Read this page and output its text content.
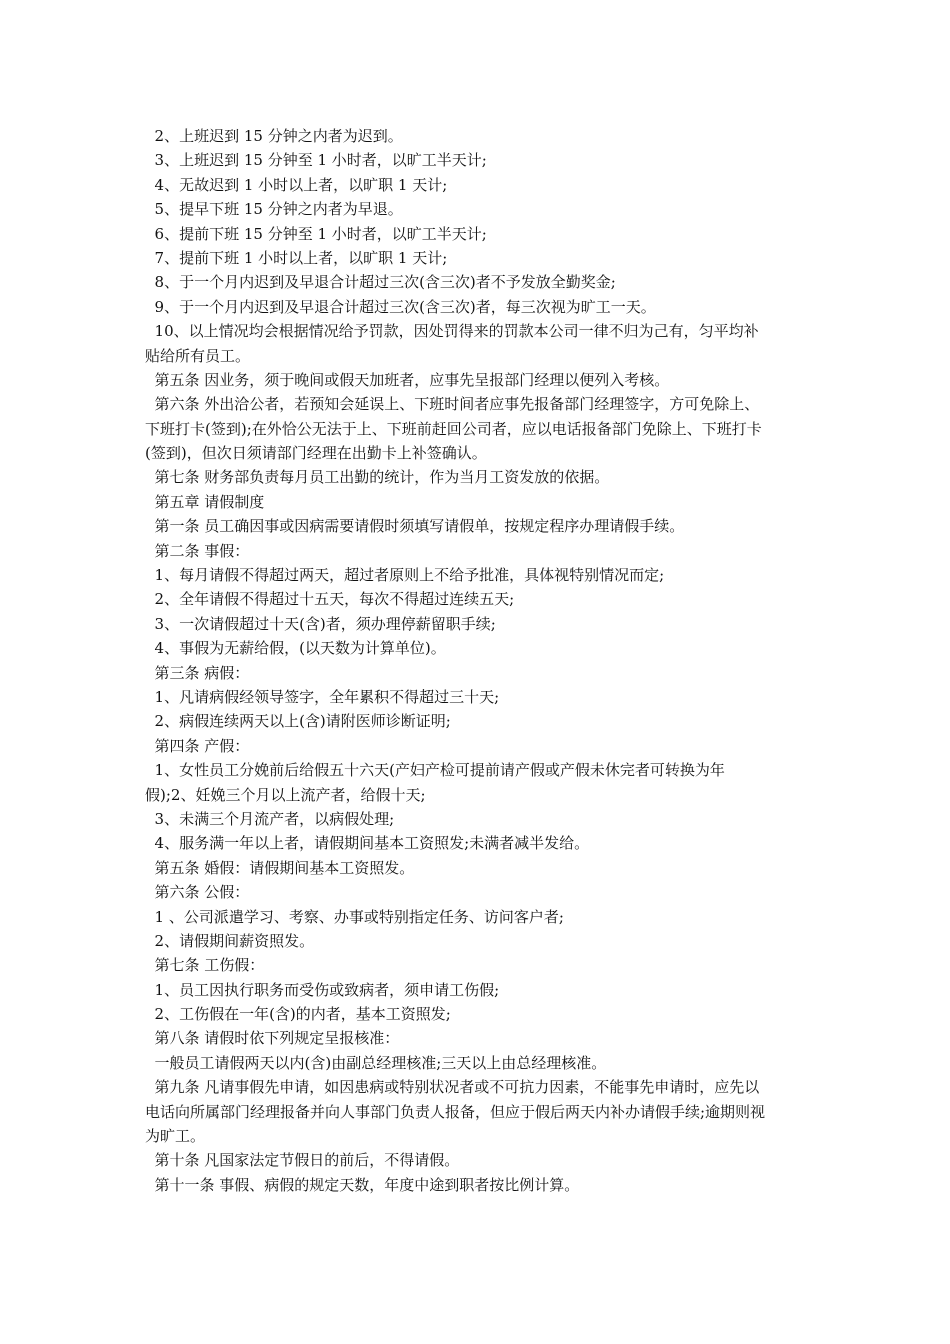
2、上班迟到 15 分钟之内者为迟到。
3、上班迟到 15 分钟至 1 小时者，以旷工半天计;
4、无故迟到 1 小时以上者，以旷职 1 天计;
5、提早下班 15 分钟之内者为早退。
6、提前下班 15 分钟至 1 小时者，以旷工半天计;
7、提前下班 1 小时以上者，以旷职 1 天计;
8、于一个月内迟到及早退合计超过三次(含三次)者不予发放全勤奖金;
9、于一个月内迟到及早退合计超过三次(含三次)者，每三次视为旷工一天。
10、以上情况均会根据情况给予罚款，因处罚得来的罚款本公司一律不归为己有，匀平均补
贴给所有员工。
第五条 因业务，须于晚间或假天加班者，应事先呈报部门经理以便列入考核。
第六条 外出洽公者，若预知会延误上、下班时间者应事先报备部门经理签字，方可免除上、
下班打卡(签到);在外恰公无法于上、下班前赶回公司者，应以电话报备部门免除上、下班打卡
(签到)，但次日须请部门经理在出勤卡上补签确认。
第七条 财务部负责每月员工出勤的统计，作为当月工资发放的依据。
第五章 请假制度
第一条 员工确因事或因病需要请假时须填写请假单，按规定程序办理请假手续。
第二条 事假：
1、每月请假不得超过两天，超过者原则上不给予批准，具体视特别情况而定;
2、全年请假不得超过十五天，每次不得超过连续五天;
3、一次请假超过十天(含)者，须办理停薪留职手续;
4、事假为无薪给假，(以天数为计算单位)。
第三条 病假：
1、凡请病假经领导签字，全年累积不得超过三十天;
2、病假连续两天以上(含)请附医师诊断证明;
第四条 产假：
1、女性员工分娩前后给假五十六天(产妇产检可提前请产假或产假未休完者可转换为年
假);2、妊娩三个月以上流产者，给假十天;
3、未满三个月流产者，以病假处理;
4、服务满一年以上者，请假期间基本工资照发;未满者减半发给。
第五条 婚假：请假期间基本工资照发。
第六条 公假：
1 、公司派遣学习、考察、办事或特别指定任务、访问客户者;
2、请假期间薪资照发。
第七条 工伤假：
1、员工因执行职务而受伤或致病者，须申请工伤假;
2、工伤假在一年(含)的内者，基本工资照发;
第八条 请假时依下列规定呈报核准：
一般员工请假两天以内(含)由副总经理核准;三天以上由总经理核准。
第九条 凡请事假先申请，如因患病或特别状况者或不可抗力因素，不能事先申请时，应先以
电话向所属部门经理报备并向人事部门负责人报备，但应于假后两天内补办请假手续;逾期则视
为旷工。
第十条 凡国家法定节假日的前后，不得请假。
第十一条 事假、病假的规定天数，年度中途到职者按比例计算。
